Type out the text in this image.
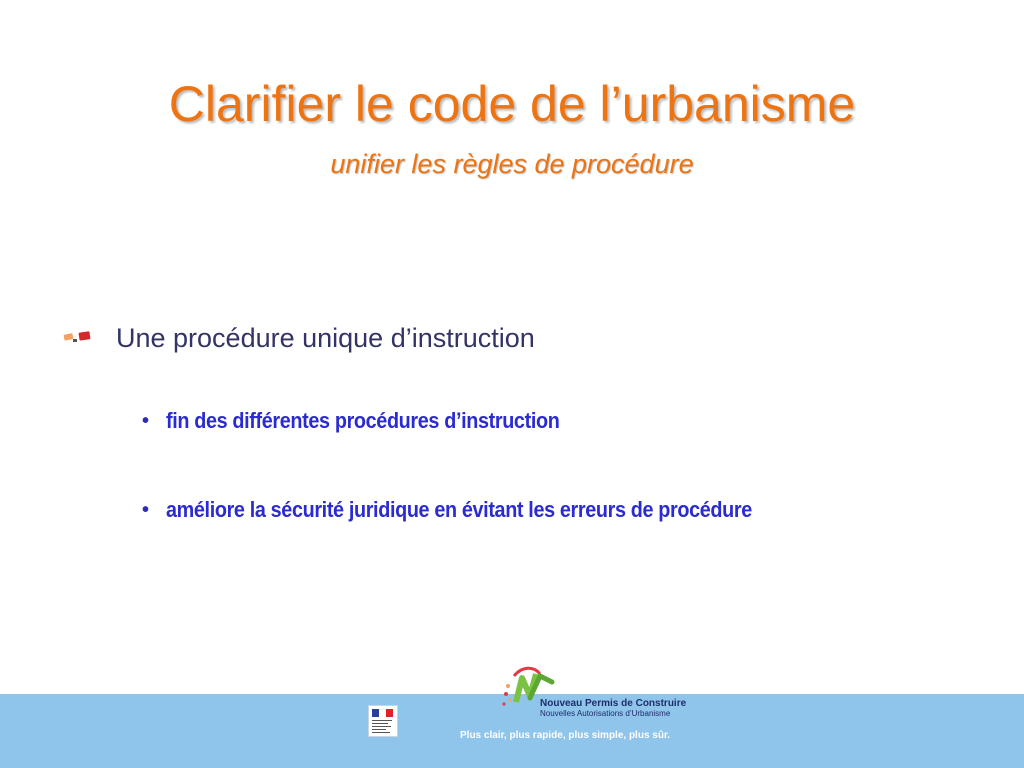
Clarifier le code de l’urbanisme
unifier les règles de procédure
Une procédure unique d’instruction
• fin des différentes procédures d’instruction
• améliore la sécurité juridique en évitant les erreurs de procédure
Nouveau Permis de Construire
Nouvelles Autorisations d’Urbanisme
Plus clair, plus rapide, plus simple, plus sûr.
